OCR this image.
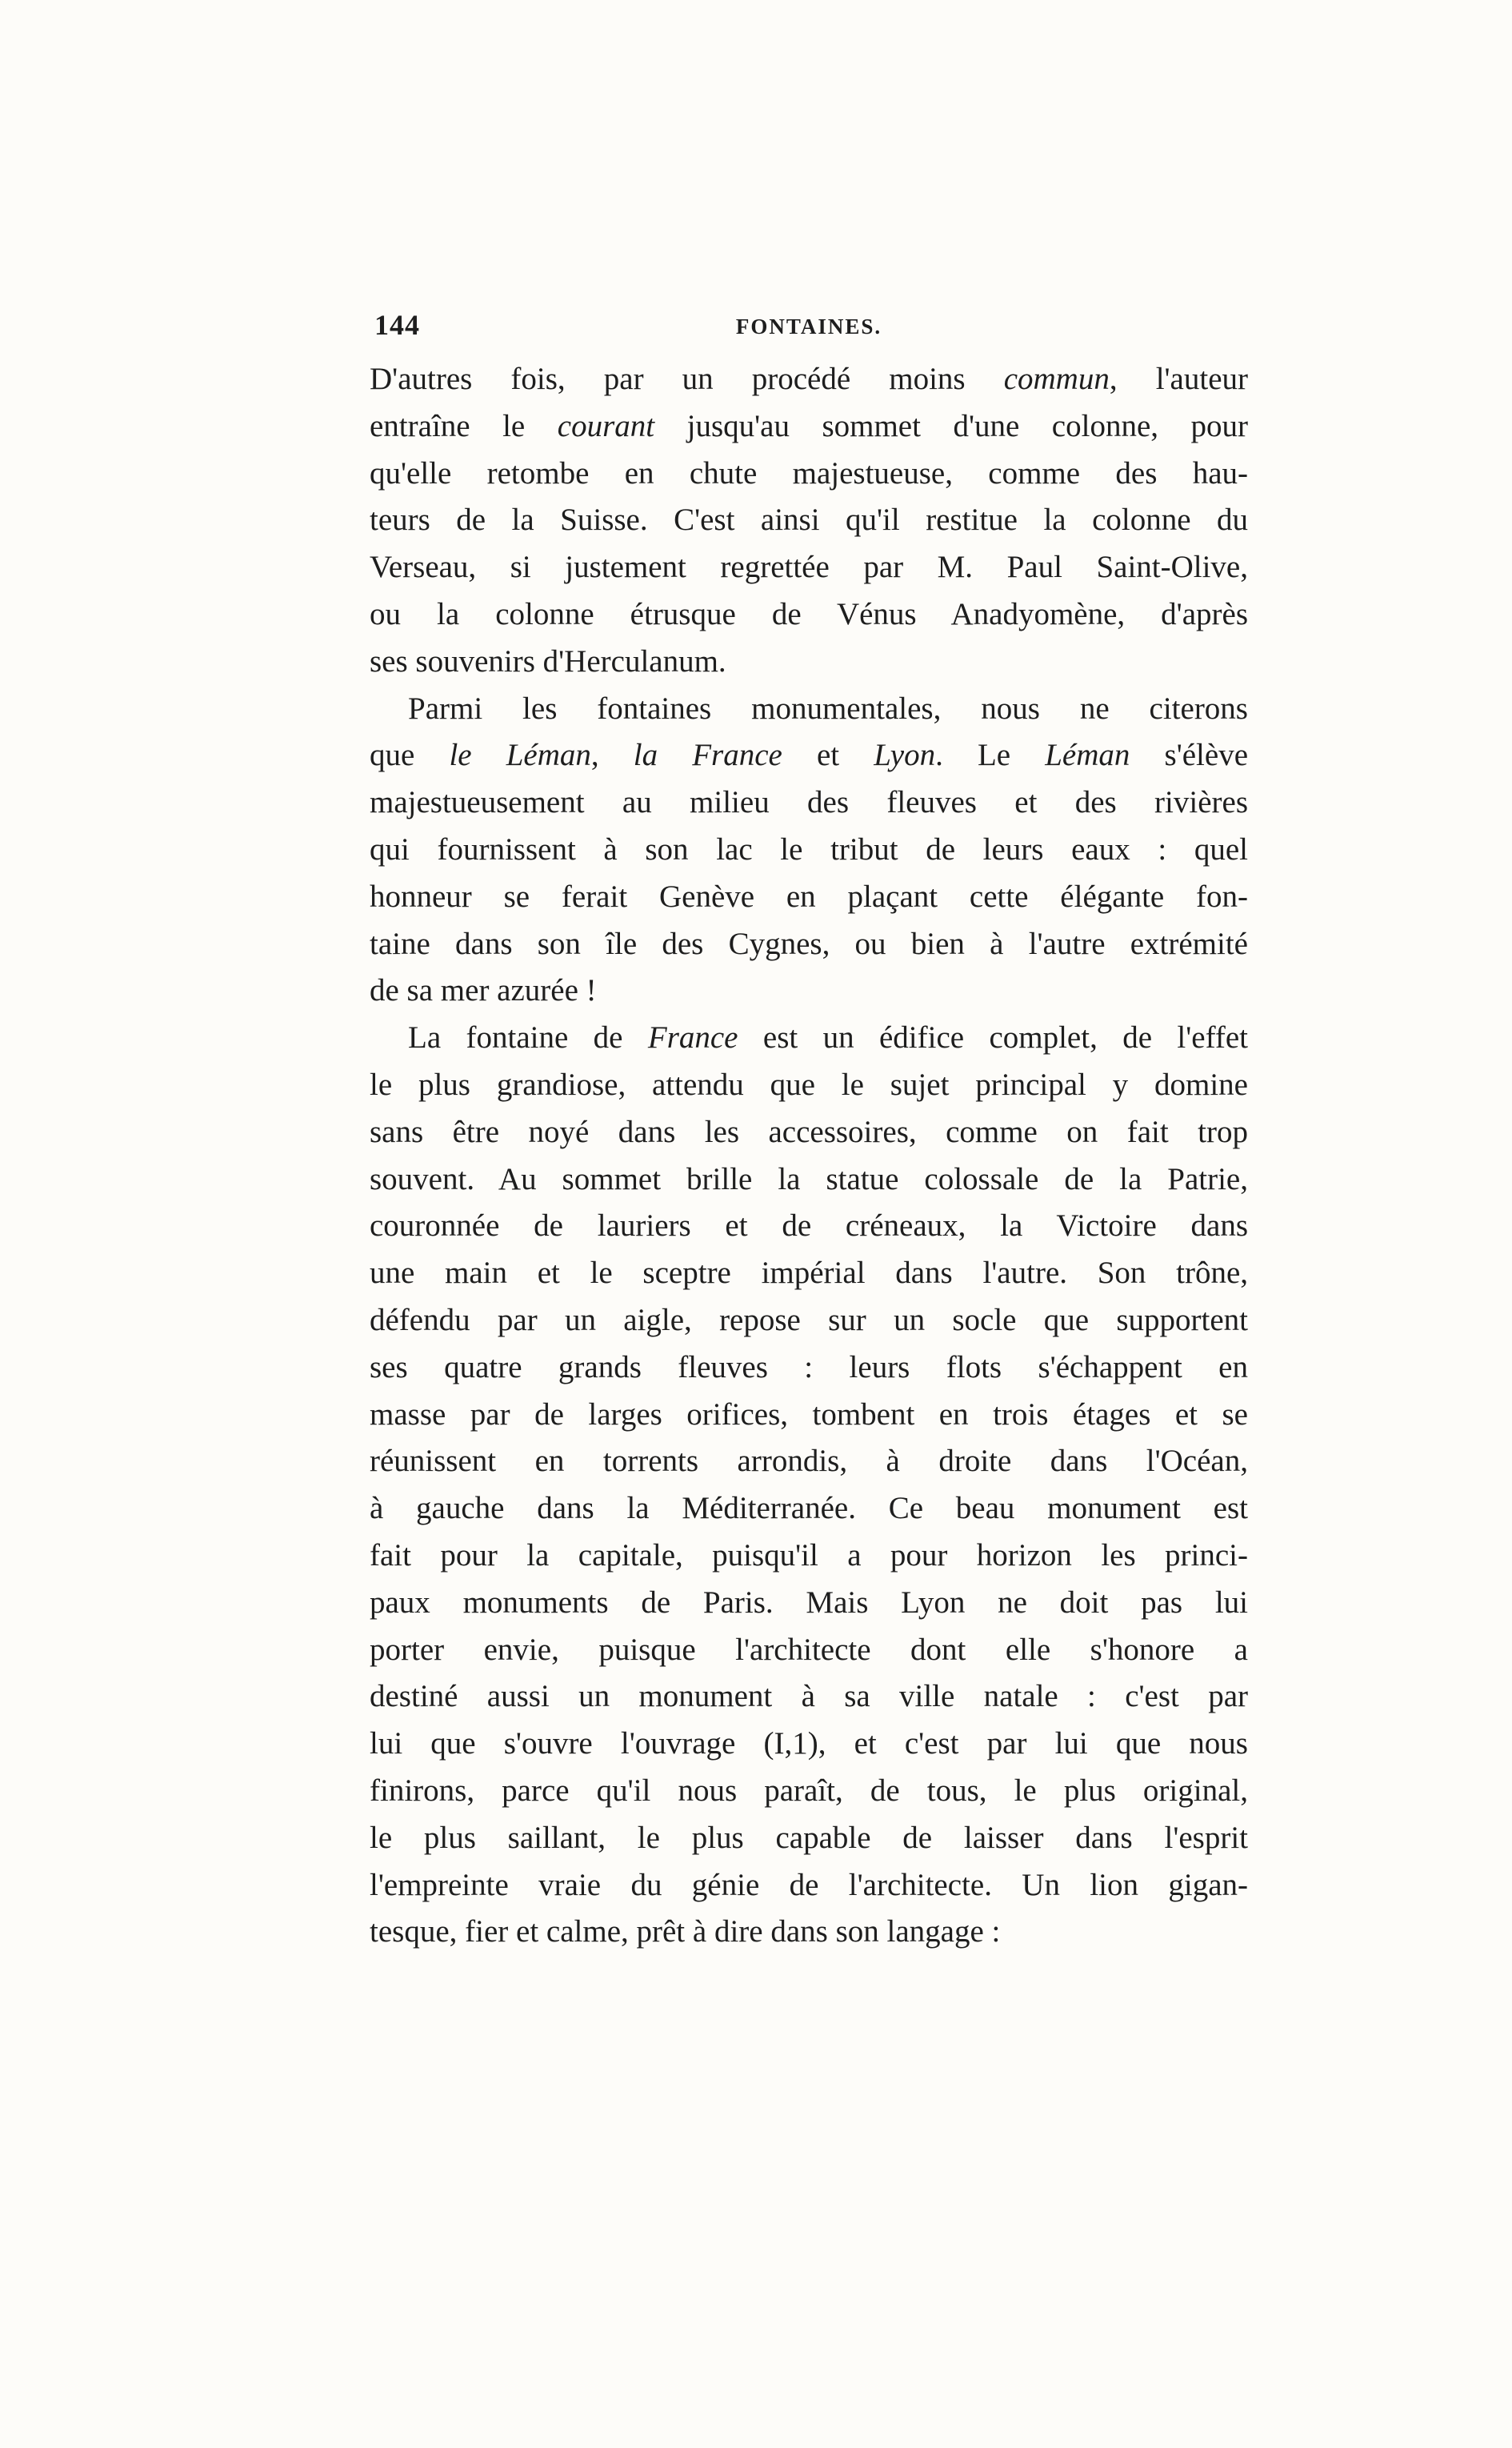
144	FONTAINES.
D'autres fois, par un procédé moins commun, l'auteur
entraîne le courant jusqu'au sommet d'une colonne, pour
qu'elle retombe en chute majestueuse, comme des hau-
teurs de la Suisse. C'est ainsi qu'il restitue la colonne du
Verseau, si justement regrettée par M. Paul Saint-Olive,
ou la colonne étrusque de Vénus Anadyomène, d'après
ses souvenirs d'Herculanum.
Parmi les fontaines monumentales, nous ne citerons
que le Léman, la France et Lyon. Le Léman s'élève
majestueusement au milieu des fleuves et des rivières
qui fournissent à son lac le tribut de leurs eaux : quel
honneur se ferait Genève en plaçant cette élégante fon-
taine dans son île des Cygnes, ou bien à l'autre extrémité
de sa mer azurée !
La fontaine de France est un édifice complet, de l'effet
le plus grandiose, attendu que le sujet principal y domine
sans être noyé dans les accessoires, comme on fait trop
souvent. Au sommet brille la statue colossale de la Patrie,
couronnée de lauriers et de créneaux, la Victoire dans
une main et le sceptre impérial dans l'autre. Son trône,
défendu par un aigle, repose sur un socle que supportent
ses quatre grands fleuves : leurs flots s'échappent en
masse par de larges orifices, tombent en trois étages et se
réunissent en torrents arrondis, à droite dans l'Océan,
à gauche dans la Méditerranée. Ce beau monument est
fait pour la capitale, puisqu'il a pour horizon les princi-
paux monuments de Paris. Mais Lyon ne doit pas lui
porter envie, puisque l'architecte dont elle s'honore a
destiné aussi un monument à sa ville natale : c'est par
lui que s'ouvre l'ouvrage (I,1), et c'est par lui que nous
finirons, parce qu'il nous paraît, de tous, le plus original,
le plus saillant, le plus capable de laisser dans l'esprit
l'empreinte vraie du génie de l'architecte. Un lion gigan-
tesque, fier et calme, prêt à dire dans son langage :
